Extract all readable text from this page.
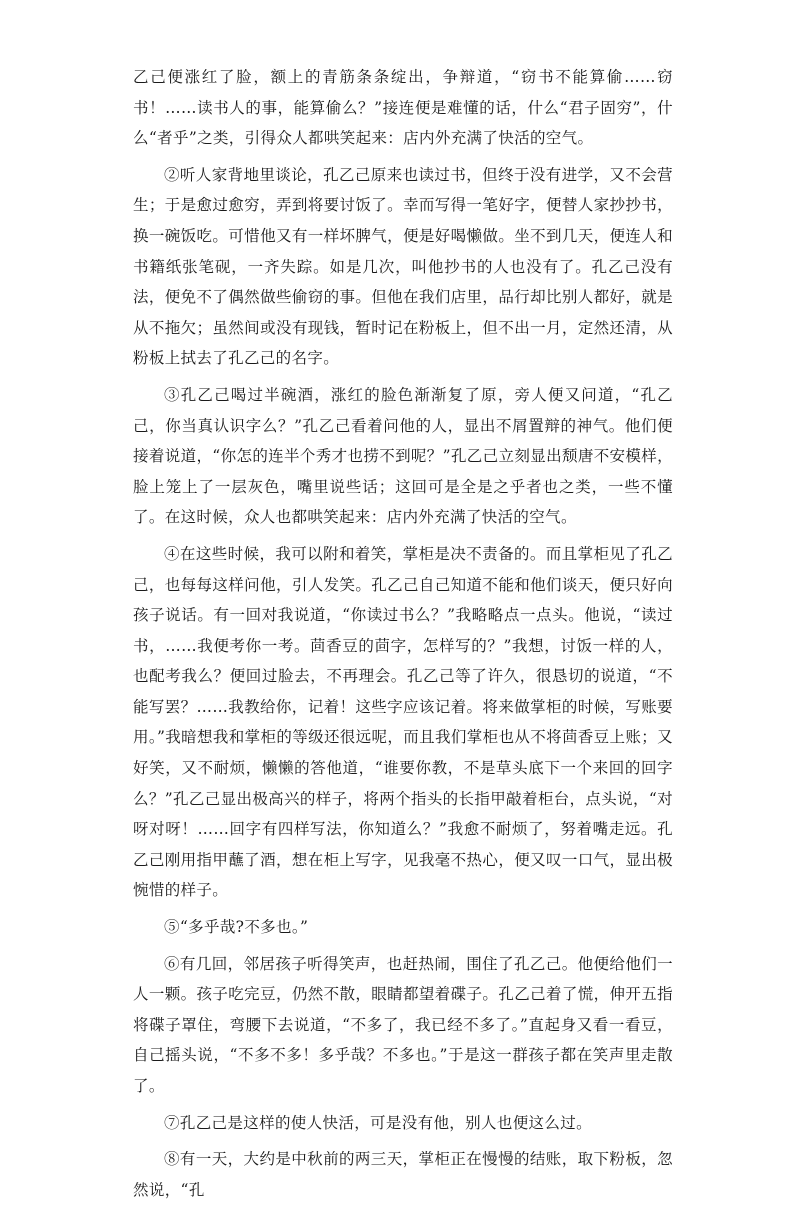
乙己便涨红了脸，额上的青筋条条绽出，争辩道，“窃书不能算偷……窃书！……读书人的事，能算偷么？”接连便是难懂的话，什么“君子固穷”，什么“者乎”之类，引得众人都哄笑起来：店内外充满了快活的空气。

②听人家背地里谈论，孔乙己原来也读过书，但终于没有进学，又不会营生；于是愈过愈穷，弄到将要讨饭了。幸而写得一笔好字，便替人家抄抄书，换一碗饭吃。可惜他又有一样坏脾气，便是好喝懒做。坐不到几天，便连人和书籍纸张笔砚，一齐失踪。如是几次，叫他抄书的人也没有了。孔乙己没有法，便免不了偶然做些偷窃的事。但他在我们店里，品行却比别人都好，就是从不拖欠；虽然间或没有现钱，暂时记在粉板上，但不出一月，定然还清，从粉板上拭去了孔乙己的名字。

③孔乙己喝过半碗酒，涨红的脸色渐渐复了原，旁人便又问道，“孔乙己，你当真认识字么？”孔乙己看着问他的人，显出不屑置辩的神气。他们便接着说道，“你怎的连半个秀才也捞不到呢？”孔乙己立刻显出颓唐不安模样，脸上笼上了一层灰色，嘴里说些话；这回可是全是之乎者也之类，一些不懂了。在这时候，众人也都哄笑起来：店内外充满了快活的空气。

④在这些时候，我可以附和着笑，掌柜是决不责备的。而且掌柜见了孔乙己，也每每这样问他，引人发笑。孔乙己自己知道不能和他们谈天，便只好向孩子说话。有一回对我说道，“你读过书么？”我略略点一点头。他说，“读过书，……我便考你一考。茴香豆的茴字，怎样写的？”我想，讨饭一样的人，也配考我么？便回过脸去，不再理会。孔乙己等了许久，很恳切的说道，“不能写罢？……我教给你，记着！这些字应该记着。将来做掌柜的时候，写账要用。”我暗想我和掌柜的等级还很远呢，而且我们掌柜也从不将茴香豆上账；又好笑，又不耐烦，懒懒的答他道，“谁要你教，不是草头底下一个来回的回字么？”孔乙己显出极高兴的样子，将两个指头的长指甲敲着柜台，点头说，“对呀对呀！……回字有四样写法，你知道么？”我愈不耐烦了，努着嘴走远。孔乙己刚用指甲蘸了酒，想在柜上写字，见我毫不热心，便又叹一口气，显出极惋惜的样子。

⑤“多乎哉?不多也。”

⑥有几回，邻居孩子听得笑声，也赶热闹，围住了孔乙己。他便给他们一人一颗。孩子吃完豆，仍然不散，眼睛都望着碟子。孔乙己着了慌，伸开五指将碟子罩住，弯腰下去说道，“不多了，我已经不多了。”直起身又看一看豆，自己摇头说，“不多不多！多乎哉？不多也。”于是这一群孩子都在笑声里走散了。

⑦孔乙己是这样的使人快活，可是没有他，别人也便这么过。

⑧有一天，大约是中秋前的两三天，掌柜正在慢慢的结账，取下粉板，忽然说，“孔
